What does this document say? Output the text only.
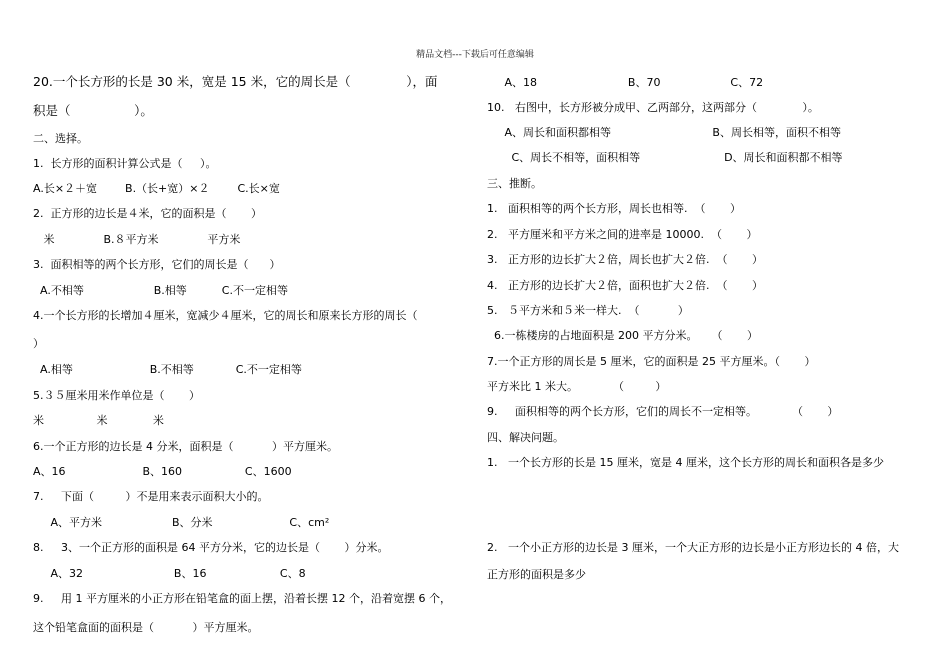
精品文档---下载后可任意编辑
20.一个长方形的长是 30 米，宽是 15 米，它的周长是（              ），面
积是（                ）。
二、选择。
1.  长方形的面积计算公式是（     ）。
A.长×２＋宽        B.（长+宽）×２        C.长×宽
2.  正方形的边长是４米，它的面积是（       ）
米              B.８平方米              平方米
3.  面积相等的两个长方形，它们的周长是（      ）
A.不相等                    B.相等          C.不一定相等
4.一个长方形的长增加４厘米，宽减少４厘米，它的周长和原来长方形的周长（
）
A.相等                      B.不相等            C.不一定相等
5.３５厘米用米作单位是（       ）
米               米             米
6.一个正方形的边长是 4 分米，面积是（           ）平方厘米。
A、16                      B、160                  C、1600
7.     下面（         ）不是用来表示面积大小的。
A、平方米                    B、分米                      C、cm²
8.     3、一个正方形的面积是 64 平方分米，它的边长是（       ）分米。
A、32                          B、16                     C、8
9.     用 1 平方厘米的小正方形在铅笔盒的面上摆，沿着长摆 12 个，沿着宽摆 6 个，
这个铅笔盒面的面积是（           ）平方厘米。
A、18                          B、70                    C、72
10.   右图中，长方形被分成甲、乙两部分，这两部分（             ）。
A、周长和面积都相等                             B、周长相等，面积不相等
C、周长不相等，面积相等                        D、周长和面积都不相等
三、推断。
1.   面积相等的两个长方形，周长也相等.  （       ）
2.   平方厘米和平方米之间的进率是 10000.  （       ）
3.   正方形的边长扩大２倍，周长也扩大２倍.  （       ）
4.   正方形的边长扩大２倍，面积也扩大２倍.  （       ）
5.   ５平方米和５米一样大.  （           ）
6.一栋楼房的占地面积是 200 平方分米。    （       ）
7.一个正方形的周长是 5 厘米，它的面积是 25 平方厘米。（       ）
平方米比 1 米大。          （         ）
9.     面积相等的两个长方形，它们的周长不一定相等。          （       ）
四、解决问题。
1.   一个长方形的长是 15 厘米，宽是 4 厘米，这个长方形的周长和面积各是多少
2.   一个小正方形的边长是 3 厘米，一个大正方形的边长是小正方形边长的 4 倍，大
正方形的面积是多少
